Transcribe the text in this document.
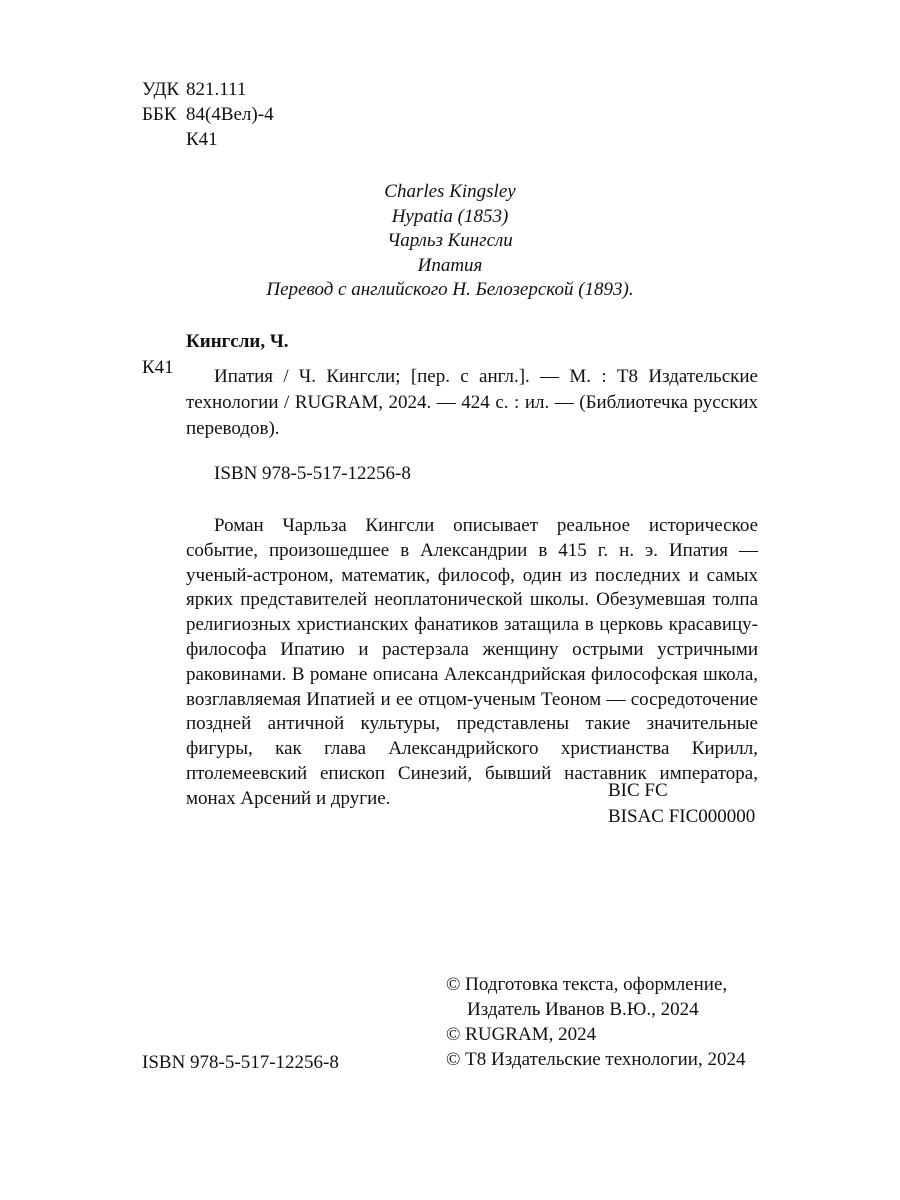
УДК 821.111
ББК 84(4Вел)-4
К41
Charles Kingsley
Hypatia (1853)
Чарльз Кингсли
Ипатия
Перевод с английского Н. Белозерской (1893).
Кингсли, Ч.
К41	Ипатия / Ч. Кингсли; [пер. с англ.]. — М. : Т8 Издательские технологии / RUGRAM, 2024. — 424 с. : ил. — (Библиотечка русских переводов).
ISBN 978-5-517-12256-8
Роман Чарльза Кингсли описывает реальное историческое событие, произошедшее в Александрии в 415 г. н. э. Ипатия — ученый-астроном, математик, философ, один из последних и самых ярких представителей неоплатонической школы. Обезумевшая толпа религиозных христианских фанатиков затащила в церковь красавицу-философа Ипатию и растерзала женщину острыми устричными раковинами. В романе описана Александрийская философская школа, возглавляемая Ипатией и ее отцом-ученым Теоном — сосредоточение поздней античной культуры, представлены такие значительные фигуры, как глава Александрийского христианства Кирилл, птолемеевский епископ Синезий, бывший наставник императора, монах Арсений и другие.	BIC FC
BISAC FIC000000
ISBN 978-5-517-12256-8
© Подготовка текста, оформление,
Издатель Иванов В.Ю., 2024
© RUGRAM, 2024
© Т8 Издательские технологии, 2024
